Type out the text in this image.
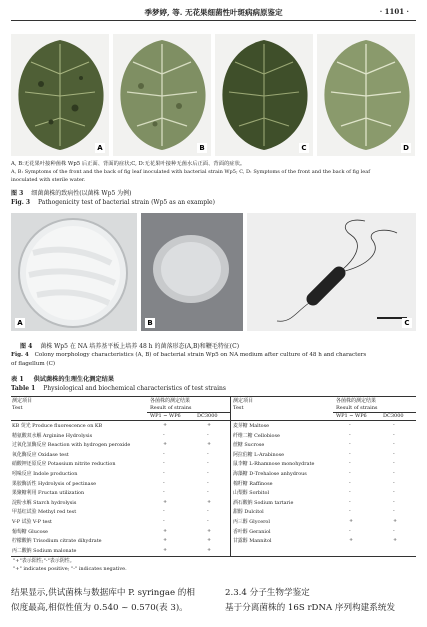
季梦婷, 等. 无花果细菌性叶斑病病原鉴定	· 1101 ·
A	B	C	D
A, B:无花果叶接种菌株 Wp5 后正面、背面的症状;C, D:无花果叶接种无菌水后正面、背面的症状。
A, B: Symptoms of the front and the back of fig leaf inoculated with bacterial strain Wp5; C, D: Symptoms of the front and the back of fig leaf
inoculated with sterile water.
图 3 细菌菌株的致病性(以菌株 Wp5 为例)
Fig. 3 Pathogenicity test of bacterial strain (Wp5 as an example)
A	B	C
图 4 菌株 Wp5 在 NA 培养基平板上培养 48 h 的菌落形态(A,B)和鞭毛特征(C)
Fig. 4 Colony morphology characteristics (A, B) of bacterial strain Wp5 on NA medium after culture of 48 h and characters
of flagellum (C)
表 1 供试菌株的生理生化测定结果
Table 1 Physiological and biochemical characteristics of test strains
测定项目
Test
各菌株的测定结果
Result of strains
WP1 ~ WP6	DC3000
测定项目
Test
各菌株的测定结果
Result of strains
WP1 ~ WP6	DC3000
KB 荧光 Produce fluorescence on KB	+	+
精氨酸双水解 Arginine Hydrolysis	-	-
过氧化氢酶反应 Reaction with hydrogen peroxide	+	+
氧化酶反应 Oxidase test	-	-
硝酸钾还原反应 Potassium nitrite reduction	-	-
吲哚反应 Indole production	-	-
果胶酶活性 Hydrolysis of pectinase	-	-
果聚糖利用 Fructan utilization	-	-
淀粉水解 Starch hydrolysis	+	+
甲基红试验 Methyl red test	-	-
V-P 试验 V-P test	-	-
葡萄糖 Glucose	+	+
柠檬酸钠 Trisodium citrate dihydrate	+	+
丙二酸钠 Sodium malonate	+	+
麦芽糖 Maltose	-	-
纤维二糖 Cellobiose	-	-
蔗糖 Sucrose	-	-
阿拉伯糖 L-Arabinose	-	-
鼠李糖 L-Rhamnose monohydrate	-	-
海藻糖 D-Trehalose anhydrous	-	-
棉籽糖 Raffinose	-	-
山梨醇 Sorbitol	-	-
酒石酸钠 Sodium tartarie	-	-
甜醇 Dulcitol	-	-
丙三醇 Glycerol	+	+
香叶醇 Geraniol	-	-
甘露醇 Mannitol	+	+
"+"表示阳性;"-"表示阴性。
"+" indicates positive; "-" indicates negative.
结果显示,供试菌株与数据库中 P. syringae 的相
似度最高,相似性值为 0.540 ~ 0.570(表 3)。
2.3.4 分子生物学鉴定
基于分离菌株的 16S rDNA 序列构建系统发
